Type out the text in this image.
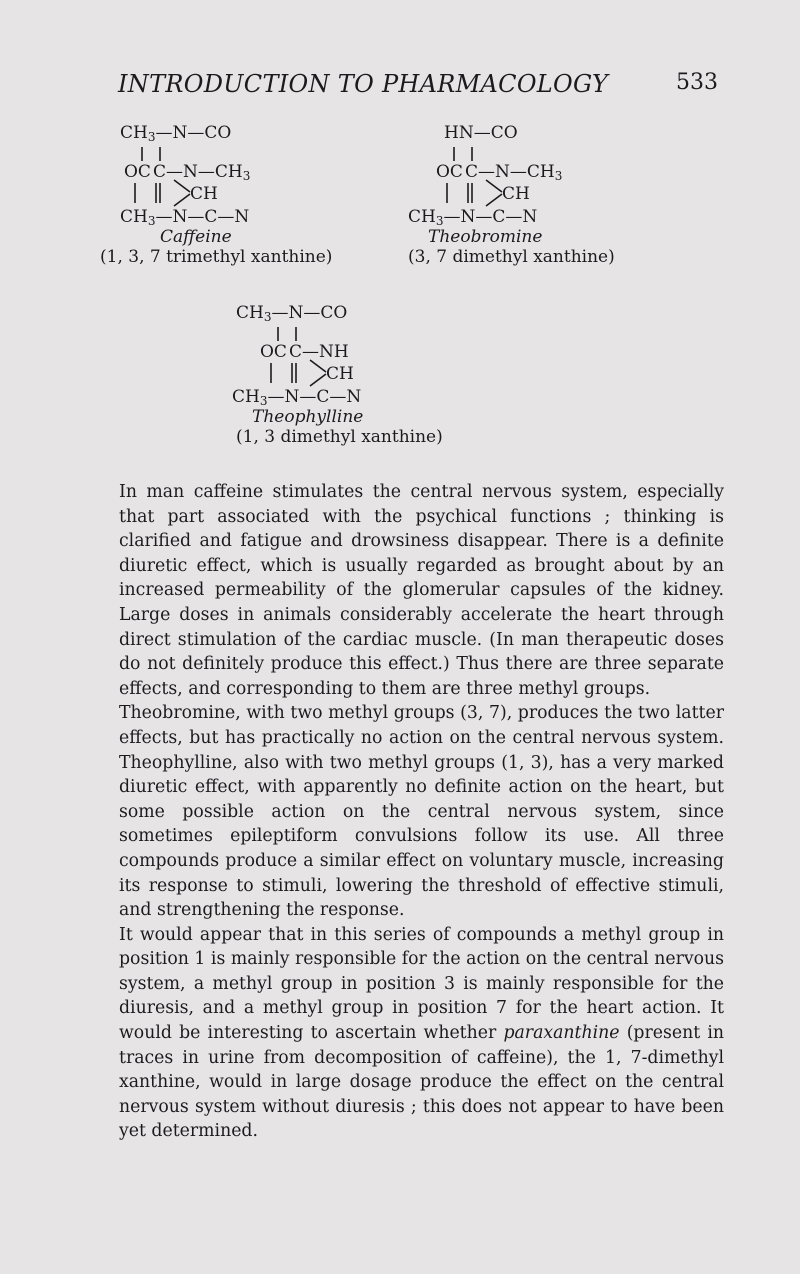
INTRODUCTION TO PHARMACOLOGY	533
$CH_3—N—CO$
OC $C—N—CH_3$
CH
$CH_3—N—C—N$
Caffeine
(1, 3, 7 trimethyl xanthine)
HN—CO
OC $C—N—CH_3$
CH
$CH_3—N—C—N$
Theobromine
(3, 7 dimethyl xanthine)
$CH_3—N—CO$
OC C—NH
CH
$CH_3—N—C—N$
Theophylline
(1, 3 dimethyl xanthine)

In man caffeine stimulates the central nervous system, especially that part associated with the psychical functions ; thinking is clarified and fatigue and drowsiness disappear. There is a definite diuretic effect, which is usually regarded as brought about by an increased permeability of the glomerular capsules of the kidney. Large doses in animals considerably accelerate the heart through direct stimulation of the cardiac muscle. (In man therapeutic doses do not definitely produce this effect.) Thus there are three separate effects, and corresponding to them are three methyl groups.

Theobromine, with two methyl groups (3, 7), produces the two latter effects, but has practically no action on the central nervous system. Theophylline, also with two methyl groups (1, 3), has a very marked diuretic effect, with apparently no definite action on the heart, but some possible action on the central nervous system, since sometimes epileptiform convulsions follow its use. All three compounds produce a similar effect on voluntary muscle, increasing its response to stimuli, lowering the threshold of effective stimuli, and strengthening the response.

It would appear that in this series of compounds a methyl group in position 1 is mainly responsible for the action on the central nervous system, a methyl group in position 3 is mainly responsible for the diuresis, and a methyl group in position 7 for the heart action. It would be interesting to ascertain whether paraxanthine (present in traces in urine from decomposition of caffeine), the 1, 7-dimethyl xanthine, would in large dosage produce the effect on the central nervous system without diuresis ; this does not appear to have been yet determined.
